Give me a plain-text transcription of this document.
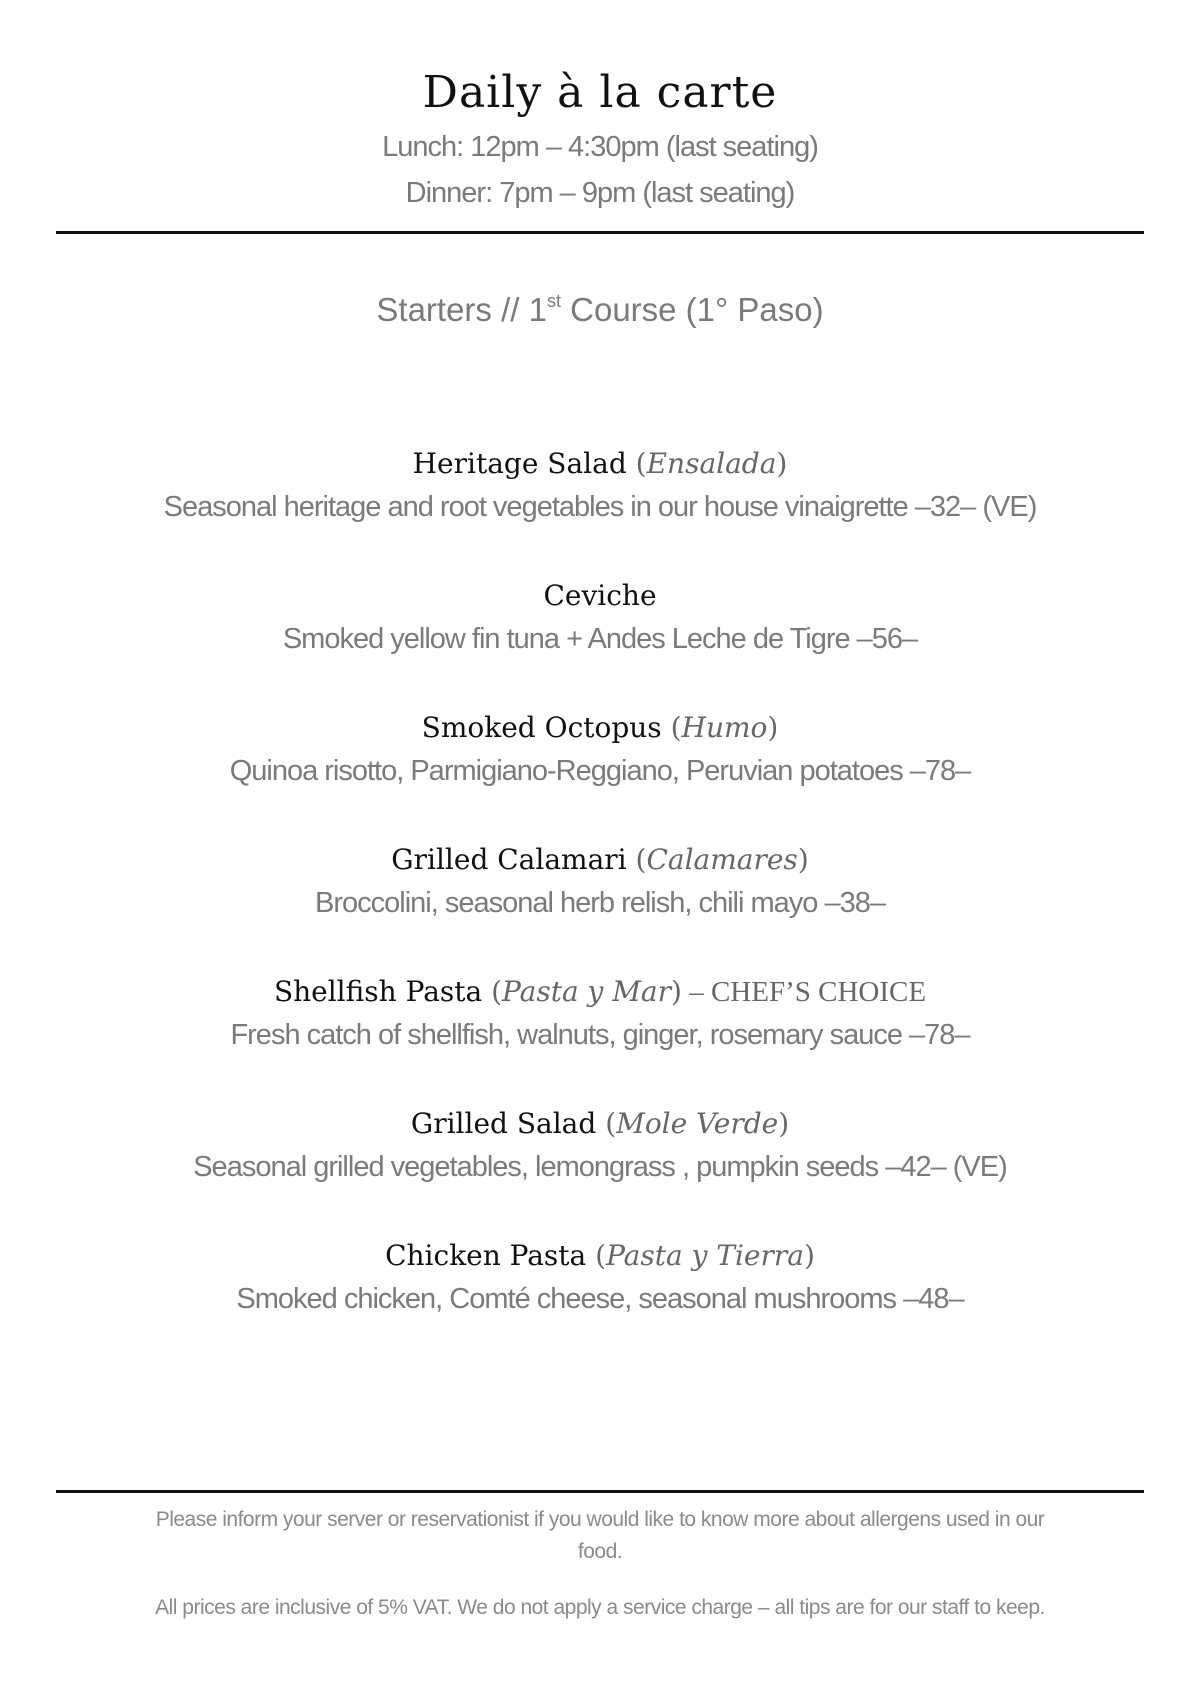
Daily à la carte
Lunch: 12pm – 4:30pm (last seating)
Dinner: 7pm – 9pm (last seating)
Starters // 1st Course (1° Paso)
Heritage Salad (Ensalada)
Seasonal heritage and root vegetables in our house vinaigrette –32– (VE)
Ceviche
Smoked yellow fin tuna + Andes Leche de Tigre –56–
Smoked Octopus (Humo)
Quinoa risotto, Parmigiano-Reggiano, Peruvian potatoes –78–
Grilled Calamari (Calamares)
Broccolini, seasonal herb relish, chili mayo –38–
Shellfish Pasta (Pasta y Mar) – CHEF’S CHOICE
Fresh catch of shellfish, walnuts, ginger, rosemary sauce –78–
Grilled Salad (Mole Verde)
Seasonal grilled vegetables, lemongrass , pumpkin seeds –42– (VE)
Chicken Pasta (Pasta y Tierra)
Smoked chicken, Comté cheese, seasonal mushrooms –48–

Please inform your server or reservationist if you would like to know more about allergens used in our food.

All prices are inclusive of 5% VAT. We do not apply a service charge – all tips are for our staff to keep.
